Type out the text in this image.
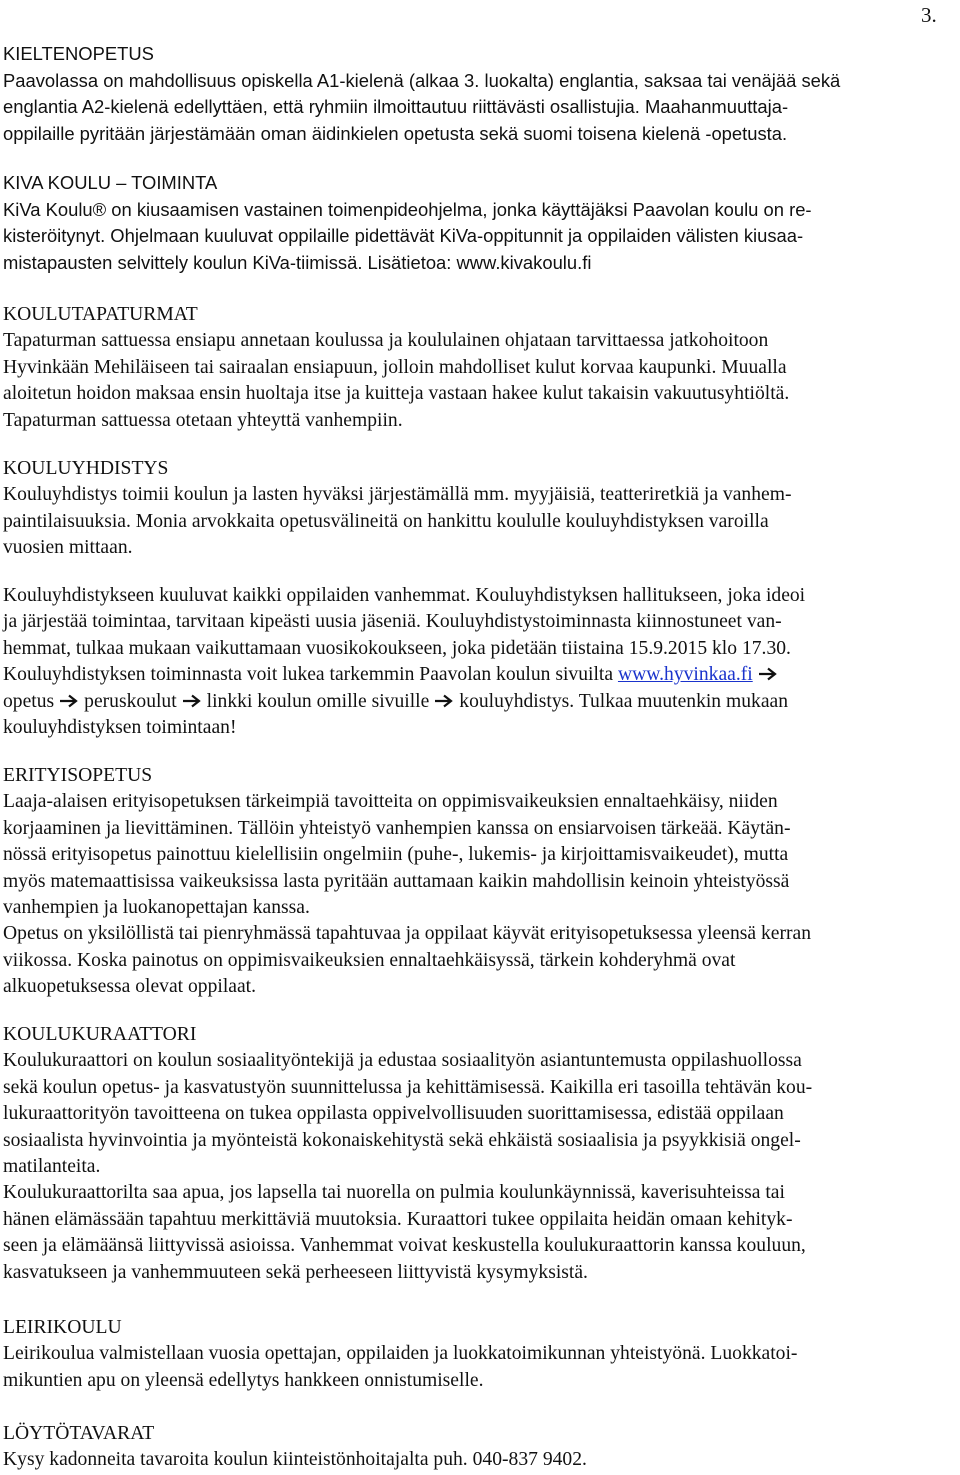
3.
KIELTENOPETUS
Paavolassa on mahdollisuus opiskella A1-kielenä (alkaa 3. luokalta) englantia, saksaa tai venäjää sekä
englantia A2-kielenä edellyttäen, että ryhmiin ilmoittautuu riittävästi osallistujia. Maahanmuuttaja-
oppilaille pyritään järjestämään oman äidinkielen opetusta sekä suomi toisena kielenä -opetusta.
KIVA KOULU – TOIMINTA
KiVa Koulu® on kiusaamisen vastainen toimenpideohjelma, jonka käyttäjäksi Paavolan koulu on re-
kisteröitynyt. Ohjelmaan kuuluvat oppilaille pidettävät KiVa-oppitunnit ja oppilaiden välisten kiusaa-
mistapausten selvittely koulun KiVa-tiimissä. Lisätietoa: www.kivakoulu.fi
KOULUTAPATURMAT
Tapaturman sattuessa ensiapu annetaan koulussa ja koululainen ohjataan tarvittaessa jatkohoitoon
Hyvinkään Mehiläiseen tai sairaalan ensiapuun, jolloin mahdolliset kulut korvaa kaupunki. Muualla
aloitetun hoidon maksaa ensin huoltaja itse ja kuitteja vastaan hakee kulut takaisin vakuutusyhtiöltä.
Tapaturman sattuessa otetaan yhteyttä vanhempiin.
KOULUYHDISTYS
Kouluyhdistys toimii koulun ja lasten hyväksi järjestämällä mm. myyjäisiä, teatteriretkiä ja vanhem-
paintilaisuuksia. Monia arvokkaita opetusvälineitä on hankittu koululle kouluyhdistyksen varoilla
vuosien mittaan.
Kouluyhdistykseen kuuluvat kaikki oppilaiden vanhemmat. Kouluyhdistyksen hallitukseen, joka ideoi
ja järjestää toimintaa, tarvitaan kipeästi uusia jäseniä. Kouluyhdistystoiminnasta kiinnostuneet van-
hemmat, tulkaa mukaan vaikuttamaan vuosikokoukseen, joka pidetään tiistaina 15.9.2015 klo 17.30.
Kouluyhdistyksen toiminnasta voit lukea tarkemmin Paavolan koulun sivuilta www.hyvinkaa.fi
opetus peruskoulut linkki koulun omille sivuille kouluyhdistys. Tulkaa muutenkin mukaan
kouluyhdistyksen toimintaan!
ERITYISOPETUS
Laaja-alaisen erityisopetuksen tärkeimpiä tavoitteita on oppimisvaikeuksien ennaltaehkäisy, niiden
korjaaminen ja lievittäminen. Tällöin yhteistyö vanhempien kanssa on ensiarvoisen tärkeää. Käytän-
nössä erityisopetus painottuu kielellisiin ongelmiin (puhe-, lukemis- ja kirjoittamisvaikeudet), mutta
myös matemaattisissa vaikeuksissa lasta pyritään auttamaan kaikin mahdollisin keinoin yhteistyössä
vanhempien ja luokanopettajan kanssa.
Opetus on yksilöllistä tai pienryhmässä tapahtuvaa ja oppilaat käyvät erityisopetuksessa yleensä kerran
viikossa. Koska painotus on oppimisvaikeuksien ennaltaehkäisyssä, tärkein kohderyhmä ovat
alkuopetuksessa olevat oppilaat.
KOULUKURAATTORI
Koulukuraattori on koulun sosiaalityöntekijä ja edustaa sosiaalityön asiantuntemusta oppilashuollossa
sekä koulun opetus- ja kasvatustyön suunnittelussa ja kehittämisessä. Kaikilla eri tasoilla tehtävän kou-
lukuraattorityön tavoitteena on tukea oppilasta oppivelvollisuuden suorittamisessa, edistää oppilaan
sosiaalista hyvinvointia ja myönteistä kokonaiskehitystä sekä ehkäistä sosiaalisia ja psyykkisiä ongel-
matilanteita.
Koulukuraattorilta saa apua, jos lapsella tai nuorella on pulmia koulunkäynnissä, kaverisuhteissa tai
hänen elämässään tapahtuu merkittäviä muutoksia. Kuraattori tukee oppilaita heidän omaan kehityk-
seen ja elämäänsä liittyvissä asioissa. Vanhemmat voivat keskustella koulukuraattorin kanssa kouluun,
kasvatukseen ja vanhemmuuteen sekä perheeseen liittyvistä kysymyksistä.
LEIRIKOULU
Leirikoulua valmistellaan vuosia opettajan, oppilaiden ja luokkatoimikunnan yhteistyönä. Luokkatoi-
mikuntien apu on yleensä edellytys hankkeen onnistumiselle.
LÖYTÖTAVARAT
Kysy kadonneita tavaroita koulun kiinteistönhoitajalta puh. 040-837 9402.
